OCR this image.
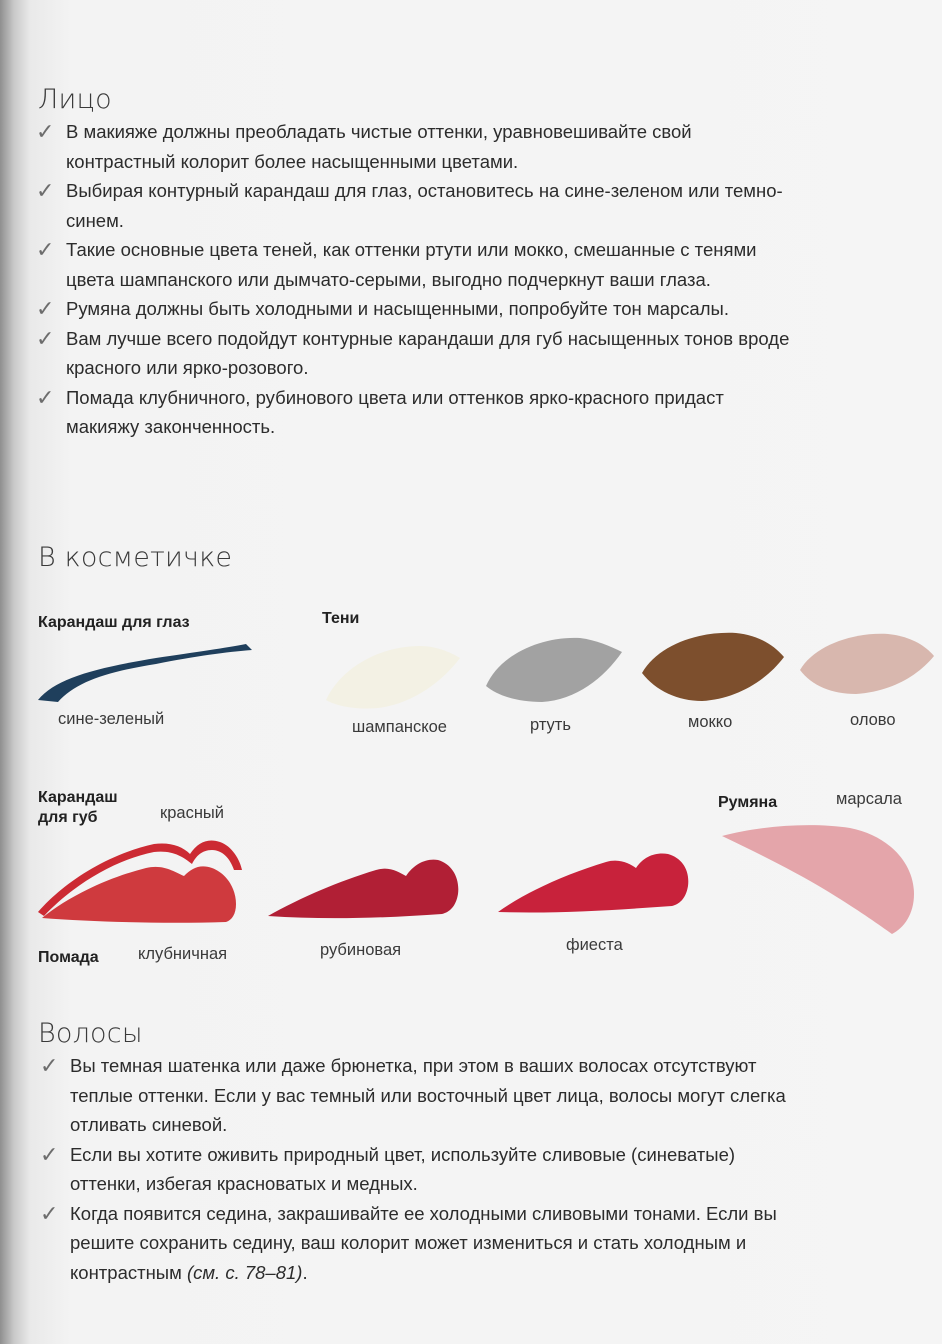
Лицо
✓ В макияже должны преобладать чистые оттенки, уравновешивайте свой контрастный колорит более насыщенными цветами.
✓ Выбирая контурный карандаш для глаз, остановитесь на сине-зеленом или темно-синем.
✓ Такие основные цвета теней, как оттенки ртути или мокко, смешанные с тенями цвета шампанского или дымчато-серыми, выгодно подчеркнут ваши глаза.
✓ Румяна должны быть холодными и насыщенными, попробуйте тон марсалы.
✓ Вам лучше всего подойдут контурные карандаши для губ насыщенных тонов вроде красного или ярко-розового.
✓ Помада клубничного, рубинового цвета или оттенков ярко-красного придаст макияжу законченность.
В косметичке
Карандаш для глаз
сине-зеленый
Тени
шампанское	ртуть	мокко	олово
Карандаш
для губ	красный
Помада клубничная	рубиновая	фиеста
Румяна	марсала
Волосы
✓ Вы темная шатенка или даже брюнетка, при этом в ваших волосах отсутствуют теплые оттенки. Если у вас темный или восточный цвет лица, волосы могут слегка отливать синевой.
✓ Если вы хотите оживить природный цвет, используйте сливовые (синеватые) оттенки, избегая красноватых и медных.
✓ Когда появится седина, закрашивайте ее холодными сливовыми тонами. Если вы решите сохранить седину, ваш колорит может измениться и стать холодным и контрастным (см. с. 78–81).
